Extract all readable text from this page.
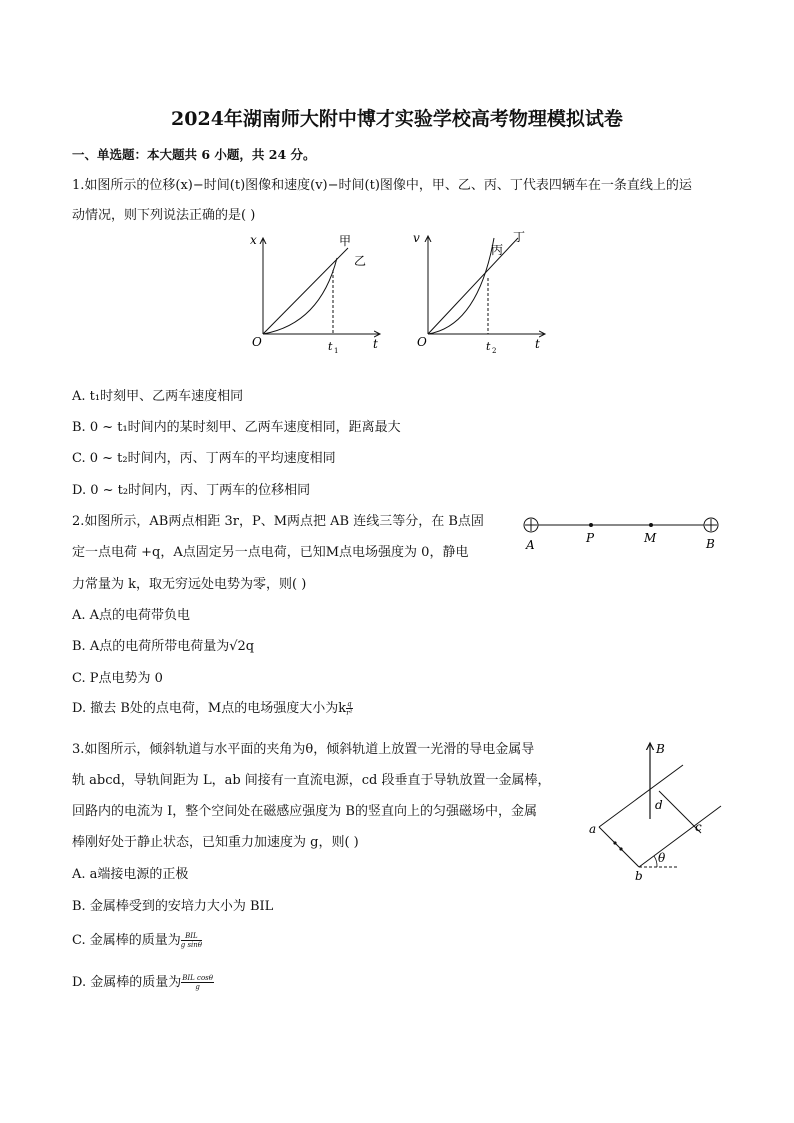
2024年湖南师大附中博才实验学校高考物理模拟试卷
一、单选题：本大题共 6 小题，共 24 分。
1.如图所示的位移(x)−时间(t)图像和速度(v)−时间(t)图像中，甲、乙、丙、丁代表四辆车在一条直线上的运
动情况，则下列说法正确的是( )
x
t
O
甲
乙
t 1
v
t
O
丙
丁
t 2
A. t₁时刻甲、乙两车速度相同
B. 0 ~ t₁时间内的某时刻甲、乙两车速度相同，距离最大
C. 0 ~ t₂时间内，丙、丁两车的平均速度相同
D. 0 ~ t₂时间内，丙、丁两车的位移相同
2.如图所示，AB两点相距 3r，P、M两点把 AB 连线三等分，在 B点固
定一点电荷 +q，A点固定另一点电荷，已知M点电场强度为 0，静电
力常量为 k，取无穷远处电势为零，则( )
A	P	M	B
A. A点的电荷带负电
B. A点的电荷所带电荷量为√2q
C. P点电势为 0
D. 撤去 B处的点电荷，M点的电场强度大小为k $\frac{q}{\text{r²}}$
3.如图所示，倾斜轨道与水平面的夹角为θ，倾斜轨道上放置一光滑的导电金属导
轨 abcd，导轨间距为 L，ab 间接有一直流电源，cd 段垂直于导轨放置一金属棒，
回路内的电流为 I，整个空间处在磁感应强度为 B的竖直向上的匀强磁场中，金属
棒刚好处于静止状态，已知重力加速度为 g，则( )
B
d
a	c
b
θ
A. a端接电源的正极
B. 金属棒受到的安培力大小为 BIL
C. 金属棒的质量为 $\frac{\text{BIL}}{\text{g sinθ}}$
D. 金属棒的质量为 $\frac{\text{BIL cosθ}}{g}$
